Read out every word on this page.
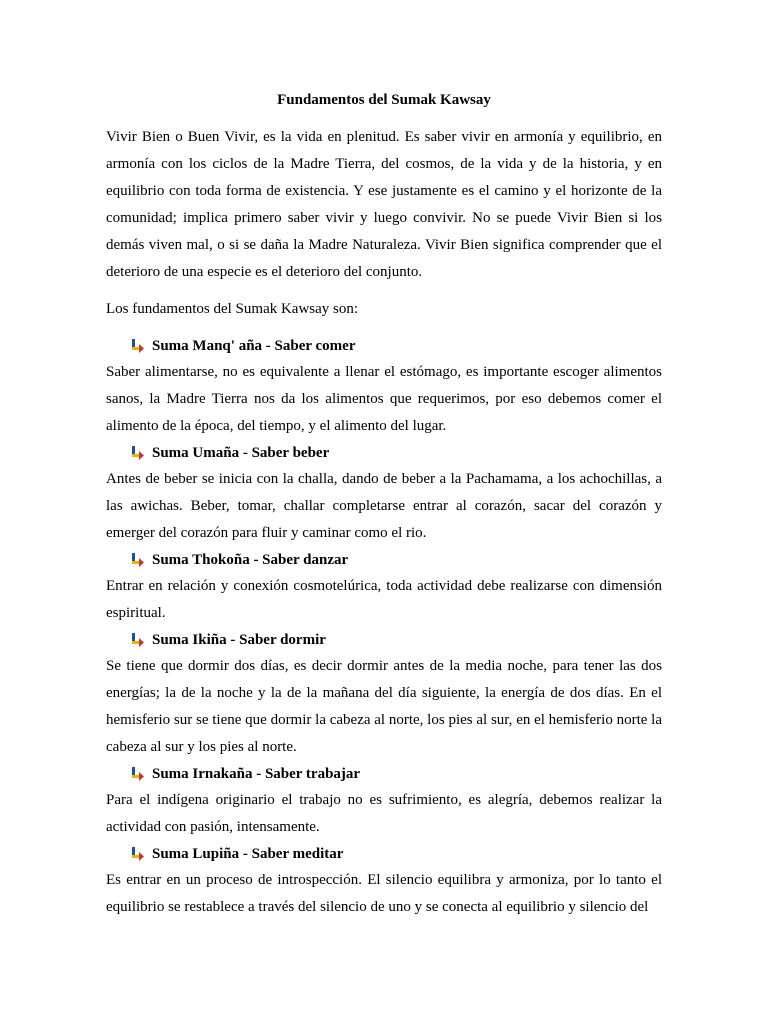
Fundamentos del Sumak Kawsay

Vivir Bien o Buen Vivir, es la vida en plenitud. Es saber vivir en armonía y equilibrio, en armonía con los ciclos de la Madre Tierra, del cosmos, de la vida y de la historia, y en equilibrio con toda forma de existencia. Y ese justamente es el camino y el horizonte de la comunidad; implica primero saber vivir y luego convivir. No se puede Vivir Bien si los demás viven mal, o si se daña la Madre Naturaleza. Vivir Bien significa comprender que el deterioro de una especie es el deterioro del conjunto.

Los fundamentos del Sumak Kawsay son:

Suma Manq' aña - Saber comer

Saber alimentarse, no es equivalente a llenar el estómago, es importante escoger alimentos sanos, la Madre Tierra nos da los alimentos que requerimos, por eso debemos comer el alimento de la época, del tiempo, y el alimento del lugar.

Suma Umaña - Saber beber

Antes de beber se inicia con la challa, dando de beber a la Pachamama, a los achochillas, a las awichas. Beber, tomar, challar completarse entrar al corazón, sacar del corazón y emerger del corazón para fluir y caminar como el rio.

Suma Thokoña - Saber danzar

Entrar en relación y conexión cosmotelúrica, toda actividad debe realizarse con dimensión espiritual.

Suma Ikiña - Saber dormir

Se tiene que dormir dos días, es decir dormir antes de la media noche, para tener las dos energías; la de la noche y la de la mañana del día siguiente, la energía de dos días. En el hemisferio sur se tiene que dormir la cabeza al norte, los pies al sur, en el hemisferio norte la cabeza al sur y los pies al norte.

Suma Irnakaña - Saber trabajar

Para el indígena originario el trabajo no es sufrimiento, es alegría, debemos realizar la actividad con pasión, intensamente.

Suma Lupiña - Saber meditar

Es entrar en un proceso de introspección. El silencio equilibra y armoniza, por lo tanto el equilibrio se restablece a través del silencio de uno y se conecta al equilibrio y silencio del
